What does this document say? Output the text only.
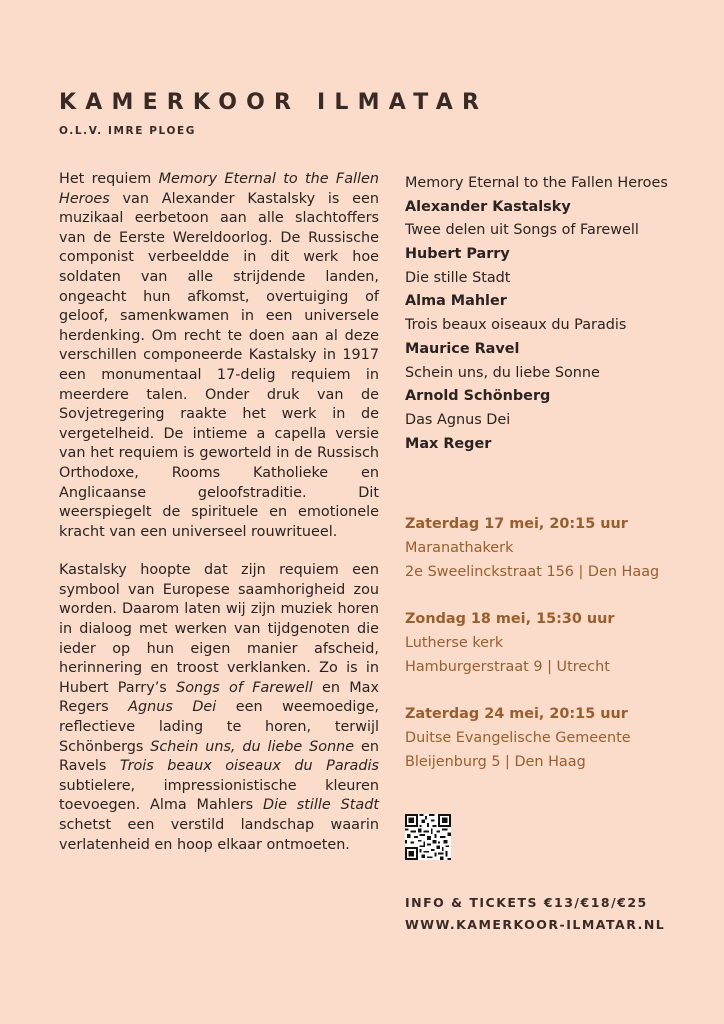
KAMERKOOR ILMATAR
O.L.V. IMRE PLOEG

Het requiem Memory Eternal to the Fallen Heroes van Alexander Kastalsky is een muzikaal eerbetoon aan alle slachtoffers van de Eerste Wereldoorlog. De Russische componist verbeeldde in dit werk hoe soldaten van alle strijdende landen, ongeacht hun afkomst, overtuiging of geloof, samenkwamen in een universele herdenking. Om recht te doen aan al deze verschillen componeerde Kastalsky in 1917 een monumentaal 17-delig requiem in meerdere talen. Onder druk van de Sovjetregering raakte het werk in de vergetelheid. De intieme a capella versie van het requiem is geworteld in de Russisch Orthodoxe, Rooms Katholieke en Anglicaanse geloofstraditie. Dit weerspiegelt de spirituele en emotionele kracht van een universeel rouwritueel.

Kastalsky hoopte dat zijn requiem een symbool van Europese saamhorigheid zou worden. Daarom laten wij zijn muziek horen in dialoog met werken van tijdgenoten die ieder op hun eigen manier afscheid, herinnering en troost verklanken. Zo is in Hubert Parry’s Songs of Farewell en Max Regers Agnus Dei een weemoedige, reflectieve lading te horen, terwijl Schönbergs Schein uns, du liebe Sonne en Ravels Trois beaux oiseaux du Paradis subtielere, impressionistische kleuren toevoegen. Alma Mahlers Die stille Stadt schetst een verstild landschap waarin verlatenheid en hoop elkaar ontmoeten.

Memory Eternal to the Fallen Heroes
Alexander Kastalsky
Twee delen uit Songs of Farewell
Hubert Parry
Die stille Stadt
Alma Mahler
Trois beaux oiseaux du Paradis
Maurice Ravel
Schein uns, du liebe Sonne
Arnold Schönberg
Das Agnus Dei
Max Reger
Zaterdag 17 mei, 20:15 uur
Maranathakerk
2e Sweelinckstraat 156 | Den Haag
Zondag 18 mei, 15:30 uur
Lutherse kerk
Hamburgerstraat 9 | Utrecht
Zaterdag 24 mei, 20:15 uur
Duitse Evangelische Gemeente
Bleijenburg 5 | Den Haag
INFO & TICKETS €13/€18/€25
WWW.KAMERKOOR-ILMATAR.NL
